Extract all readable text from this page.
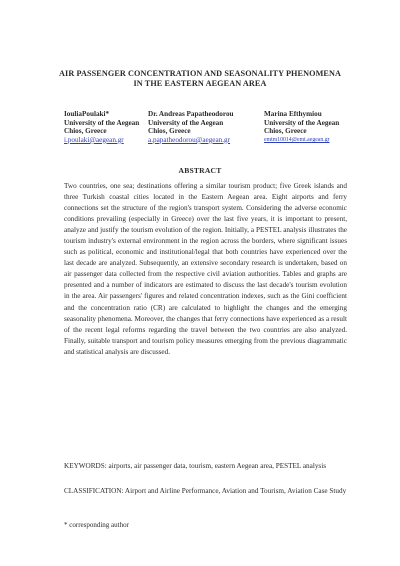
AIR PASSENGER CONCENTRATION AND SEASONALITY PHENOMENA
IN THE EASTERN AEGEAN AREA
IouliaPoulaki*
University of the Aegean
Chios, Greece
i.poulaki@aegean.gr
Dr. Andreas Papatheodorou
University of the Aegean
Chios, Greece
a.papatheodorou@aegean.gr
Marina Efthymiou
University of the Aegean
Chios, Greece
emtm10014@emt.aegean.gr
ABSTRACT
Two countries, one sea; destinations offering a similar tourism product; five Greek islands and three Turkish coastal cities located in the Eastern Aegean area. Eight airports and ferry connections set the structure of the region's transport system. Considering the adverse economic conditions prevailing (especially in Greece) over the last five years, it is important to present, analyze and justify the tourism evolution of the region. Initially, a PESTEL analysis illustrates the tourism industry's external environment in the region across the borders, where significant issues such as political, economic and institutional/legal that both countries have experienced over the last decade are analyzed. Subsequently, an extensive secondary research is undertaken, based on air passenger data collected from the respective civil aviation authorities. Tables and graphs are presented and a number of indicators are estimated to discuss the last decade's tourism evolution in the area. Air passengers' figures and related concentration indexes, such as the Gini coefficient and the concentration ratio (CR) are calculated to highlight the changes and the emerging seasonality phenomena. Moreover, the changes that ferry connections have experienced as a result of the recent legal reforms regarding the travel between the two countries are also analyzed. Finally, suitable transport and tourism policy measures emerging from the previous diagrammatic and statistical analysis are discussed.
KEYWORDS: airports, air passenger data, tourism, eastern Aegean area, PESTEL analysis
CLASSIFICATION: Airport and Airline Performance, Aviation and Tourism, Aviation Case Study
* corresponding author
